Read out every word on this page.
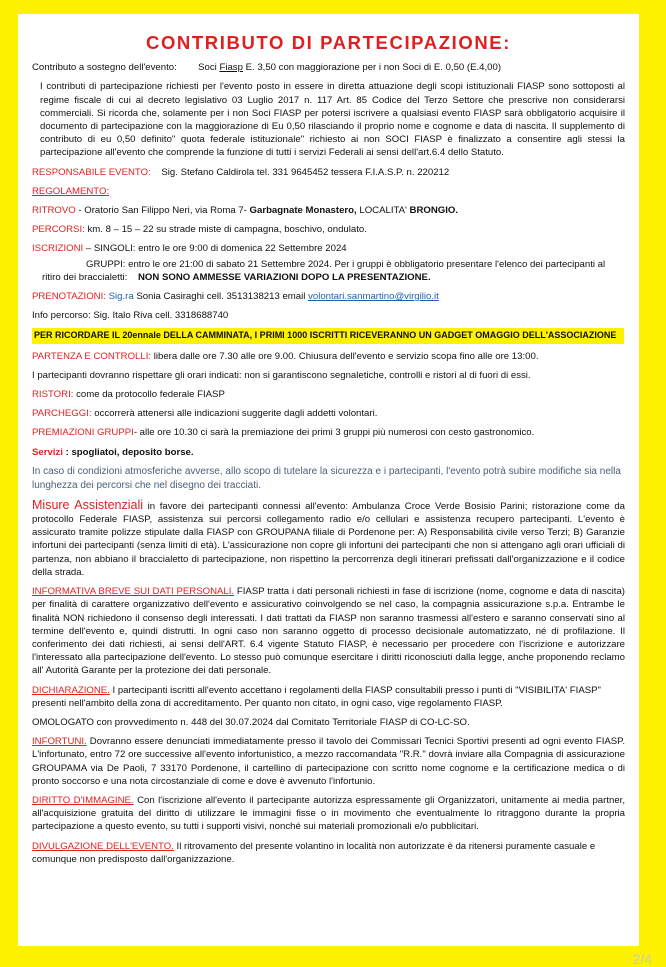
CONTRIBUTO DI PARTECIPAZIONE:

Contributo a sostegno dell'evento: Soci Fiasp E. 3,50 con maggiorazione per i non Soci di E. 0,50 (E.4,00)

I contributi di partecipazione richiesti per l'evento posto in essere in diretta attuazione degli scopi istituzionali FIASP sono sottoposti al regime fiscale di cui al decreto legislativo 03 Luglio 2017 n. 117 Art. 85 Codice del Terzo Settore che prescrive non considerarsi commerciali. Si ricorda che, solamente per i non Soci FIASP per potersi iscrivere a qualsiasi evento FIASP sarà obbligatorio acquisire il documento di partecipazione con la maggiorazione di Eu 0,50 rilasciando il proprio nome e cognome e data di nascita. Il supplemento di contributo di eu 0,50 definito" quota federale istituzionale" richiesto ai non SOCI FIASP è finalizzato a consentire agli stessi la partecipazione all'evento che comprende la funzione di tutti i servizi Federali ai sensi dell'art.6.4 dello Statuto.

RESPONSABILE EVENTO: Sig. Stefano Caldirola tel. 331 9645452 tessera F.I.A.S.P. n. 220212

REGOLAMENTO:

RITROVO - Oratorio San Filippo Neri, via Roma 7- Garbagnate Monastero, LOCALITA' BRONGIO.

PERCORSI: km. 8 – 15 – 22 su strade miste di campagna, boschivo, ondulato.

ISCRIZIONI – SINGOLI: entro le ore 9:00 di domenica 22 Settembre 2024

GRUPPI: entro le ore 21:00 di sabato 21 Settembre 2024. Per i gruppi è obbligatorio presentare l'elenco dei partecipanti al ritiro dei braccialetti: NON SONO AMMESSE VARIAZIONI DOPO LA PRESENTAZIONE.

PRENOTAZIONI: Sig.ra Sonia Casiraghi cell. 3513138213 email volontari.sanmartino@virgilio.it

Info percorso: Sig. Italo Riva cell. 3318688740

PER RICORDARE IL 20ennale DELLA CAMMINATA, I PRIMI 1000 ISCRITTI RICEVERANNO UN GADGET OMAGGIO DELL'ASSOCIAZIONE

PARTENZA E CONTROLLI: libera dalle ore 7.30 alle ore 9.00. Chiusura dell'evento e servizio scopa fino alle ore 13:00.

I partecipanti dovranno rispettare gli orari indicati: non si garantiscono segnaletiche, controlli e ristori al di fuori di essi.

RISTORI: come da protocollo federale FIASP

PARCHEGGI: occorrerà attenersi alle indicazioni suggerite dagli addetti volontari.

PREMIAZIONI GRUPPI- alle ore 10.30 ci sarà la premiazione dei primi 3 gruppi più numerosi con cesto gastronomico.

Servizi : spogliatoi, deposito borse.

In caso di condizioni atmosferiche avverse, allo scopo di tutelare la sicurezza e i partecipanti, l'evento potrà subire modifiche sia nella lunghezza dei percorsi che nel disegno dei tracciati.

Misure Assistenziali in favore dei partecipanti connessi all'evento: Ambulanza Croce Verde Bosisio Parini; ristorazione come da protocollo Federale FIASP, assistenza sui percorsi collegamento radio e/o cellulari e assistenza recupero partecipanti. L'evento è assicurato tramite polizze stipulate dalla FIASP con GROUPANA filiale di Pordenone per: A) Responsabilità civile verso Terzi; B) Garanzie infortuni dei partecipanti (senza limiti di età). L'assicurazione non copre gli infortuni dei partecipanti che non si attengano agli orari ufficiali di partenza, non abbiano il braccialetto di partecipazione, non rispettino la percorrenza degli itinerari prefissati dall'organizzazione e il codice della strada.

INFORMATIVA BREVE SUI DATI PERSONALI. FIASP tratta i dati personali richiesti in fase di iscrizione (nome, cognome e data di nascita) per finalità di carattere organizzativo dell'evento e assicurativo coinvolgendo se nel caso, la compagnia assicurazione s.p.a. Entrambe le finalità NON richiedono il consenso degli interessati. I dati trattati da FIASP non saranno trasmessi all'estero e saranno conservati sino al termine dell'evento e, quindi distrutti. In ogni caso non saranno oggetto di processo decisionale automatizzato, né di profilazione. Il conferimento dei dati richiesti, ai sensi dell'ART. 6.4 vigente Statuto FIASP, è necessario per procedere con l'iscrizione e autorizzare l'interessato alla partecipazione dell'evento. Lo stesso può comunque esercitare i diritti riconosciuti dalla legge, anche proponendo reclamo all' Autorità Garante per la protezione dei dati personale.

DICHIARAZIONE. I partecipanti iscritti all'evento accettano i regolamenti della FIASP consultabili presso i punti di "VISIBILITA' FIASP" presenti nell'ambito della zona di accreditamento. Per quanto non citato, in ogni caso, vige regolamento FIASP.

OMOLOGATO con provvedimento n. 448 del 30.07.2024 dal Comitato Territoriale FIASP di CO-LC-SO.

INFORTUNI. Dovranno essere denunciati immediatamente presso il tavolo dei Commissari Tecnici Sportivi presenti ad ogni evento FIASP. L'infortunato, entro 72 ore successive all'evento infortunistico, a mezzo raccomandata "R.R." dovrà inviare alla Compagnia di assicurazione GROUPAMA via De Paoli, 7 33170 Pordenone, il cartellino di partecipazione con scritto nome cognome e la certificazione medica o di pronto soccorso e una nota circostanziale di come e dove è avvenuto l'infortunio.

DIRITTO D'IMMAGINE. Con l'iscrizione all'evento il partecipante autorizza espressamente gli Organizzatori, unitamente ai media partner, all'acquisizione gratuita del diritto di utilizzare le immagini fisse o in movimento che eventualmente lo ritraggono durante la propria partecipazione a questo evento, su tutti i supporti visivi, nonché sui materiali promozionali e/o pubblicitari.

DIVULGAZIONE DELL'EVENTO. Il ritrovamento del presente volantino in località non autorizzate è da ritenersi puramente casuale e comunque non predisposto dall'organizzazione.

2/4
